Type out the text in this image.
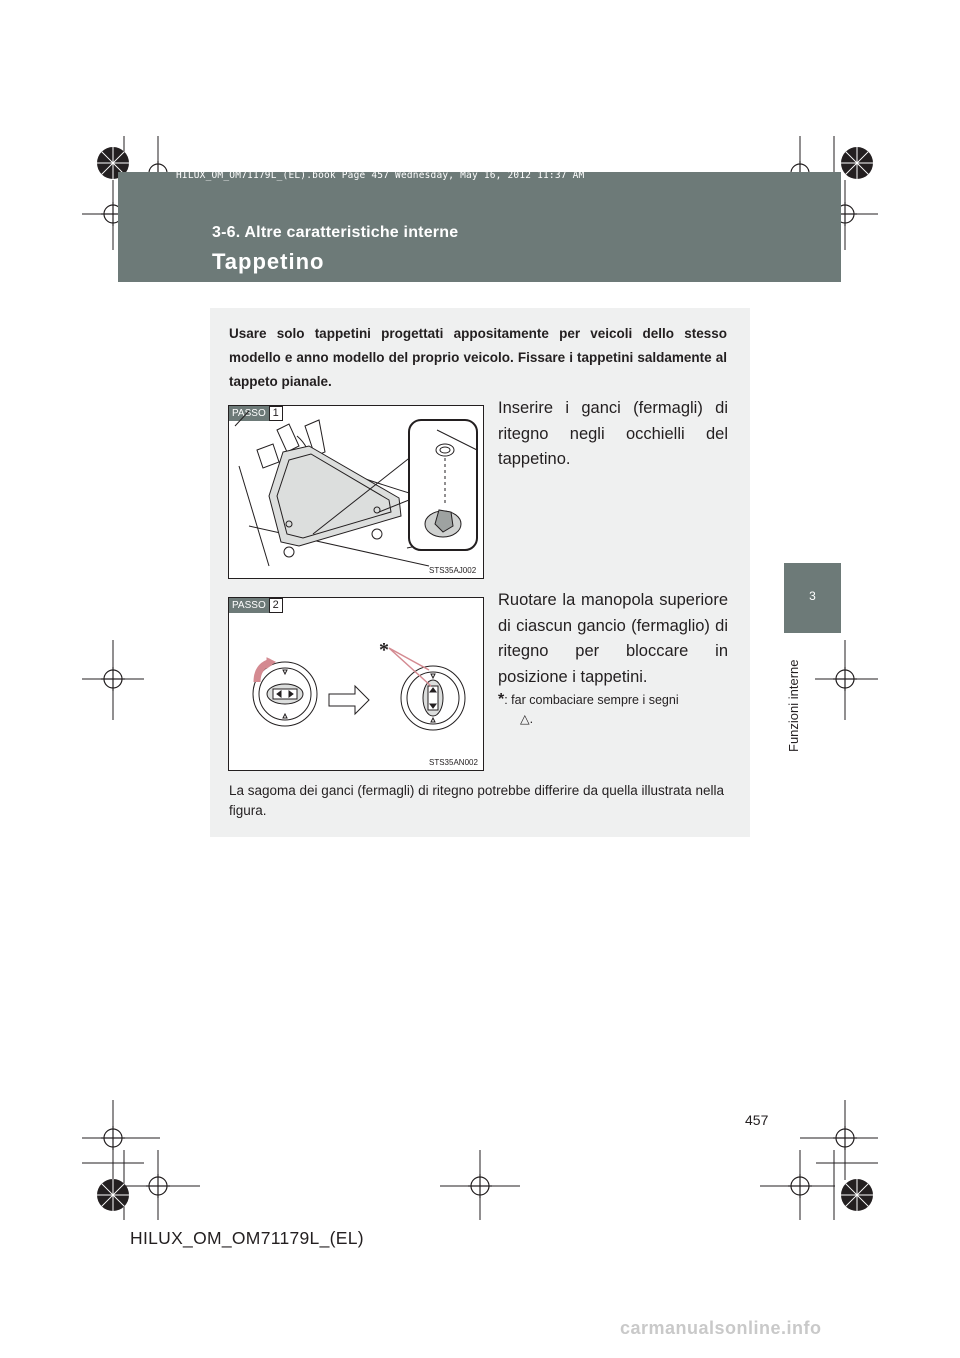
HILUX_OM_OM71179L_(EL).book Page 457 Wednesday, May 16, 2012 11:37 AM
3-6. Altre caratteristiche interne
Tappetino
3
Funzioni interne
Usare solo tappetini progettati appositamente per veicoli dello stesso modello e anno modello del proprio veicolo. Fissare i tappetini saldamente al tappeto pianale.
PASSO 1
STS35AJ002
Inserire i ganci (fermagli) di ritegno negli occhielli del tappetino.
PASSO 2
*
STS35AN002
Ruotare la manopola superiore di ciascun gancio (fermaglio) di ritegno per bloccare in posizione i tappetini.
*: far combaciare sempre i segni
△.
La sagoma dei ganci (fermagli) di ritegno potrebbe differire da quella illustrata nella figura.
457
HILUX_OM_OM71179L_(EL)
carmanualsonline.info
